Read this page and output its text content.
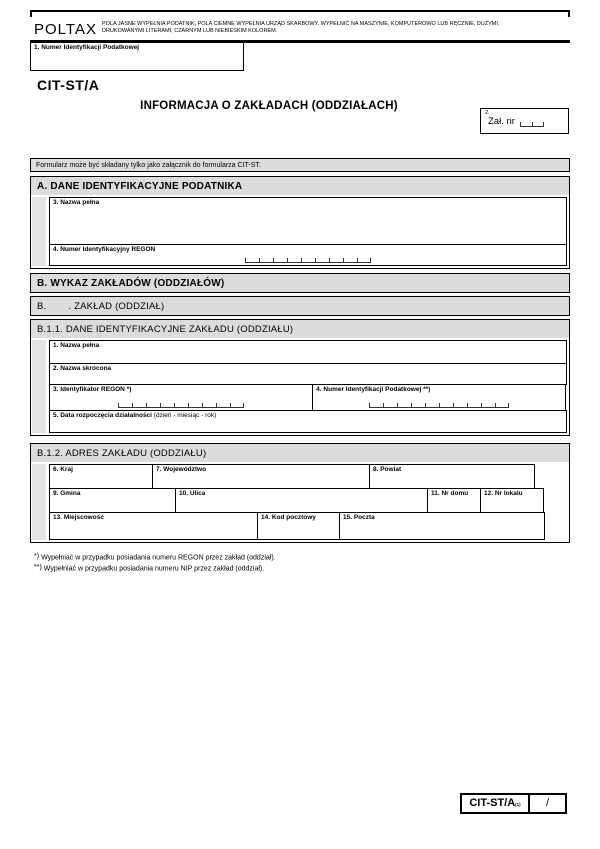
POLTAX POLA JASNE WYPEŁNIA PODATNIK, POLA CIEMNE WYPEŁNIA URZĄD SKARBOWY. WYPEŁNIĆ NA MASZYNIE, KOMPUTEROWO LUB RĘCZNIE, DUŻYMI,
DRUKOWANYMI LITERAMI, CZARNYM LUB NIEBIESKIM KOLOREM.
1. Numer Identyfikacji Podatkowej
CIT-ST/A
INFORMACJA O ZAKŁADACH (ODDZIAŁACH)
2.
Zał. nr
Formularz może być składany tylko jako załącznik do formularza CIT-ST.
A. DANE IDENTYFIKACYJNE PODATNIKA
3. Nazwa pełna
4. Numer Identyfikacyjny REGON
B. WYKAZ ZAKŁADÓW (ODDZIAŁÓW)
B. . ZAKŁAD (ODDZIAŁ)
B.1.1. DANE IDENTYFIKACYJNE ZAKŁADU (ODDZIAŁU)
1. Nazwa pełna
2. Nazwa skrócona
3. Identyfikator REGON *)	4. Numer Identyfikacji Podatkowej **)
5. Data rozpoczęcia działalności (dzień - miesiąc - rok)
B.1.2. ADRES ZAKŁADU (ODDZIAŁU)
6. Kraj	7. Województwo	8. Powiat
9. Gmina	10. Ulica	11. Nr domu	12. Nr lokalu
13. Miejscowość	14. Kod pocztowy	15. Poczta
*) Wypełniać w przypadku posiadania numeru REGON przez zakład (oddział).
**) Wypełniać w przypadku posiadania numeru NIP przez zakład (oddział).
CIT-ST/A(1)	/
